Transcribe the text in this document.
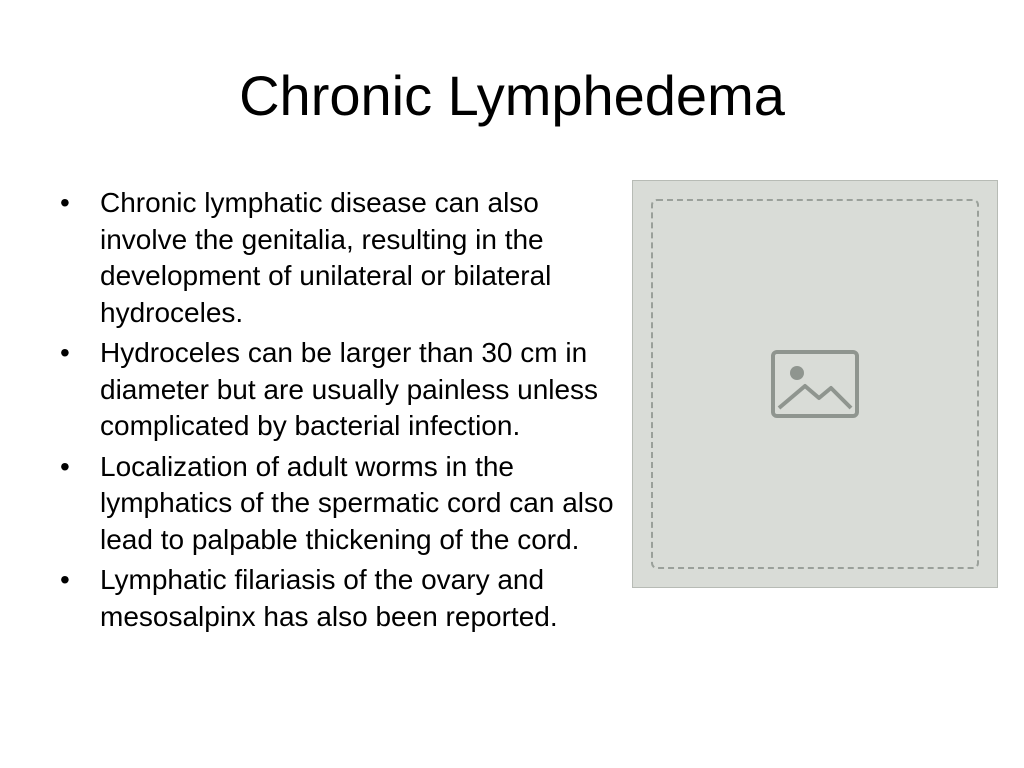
Chronic Lymphedema
• Chronic lymphatic disease can also involve the genitalia, resulting in the development of unilateral or bilateral hydroceles.
• Hydroceles can be larger than 30 cm in diameter but are usually painless unless complicated by bacterial infection.
• Localization of adult worms in the lymphatics of the spermatic cord can also lead to palpable thickening of the cord.
• Lymphatic filariasis of the ovary and mesosalpinx has also been reported.
